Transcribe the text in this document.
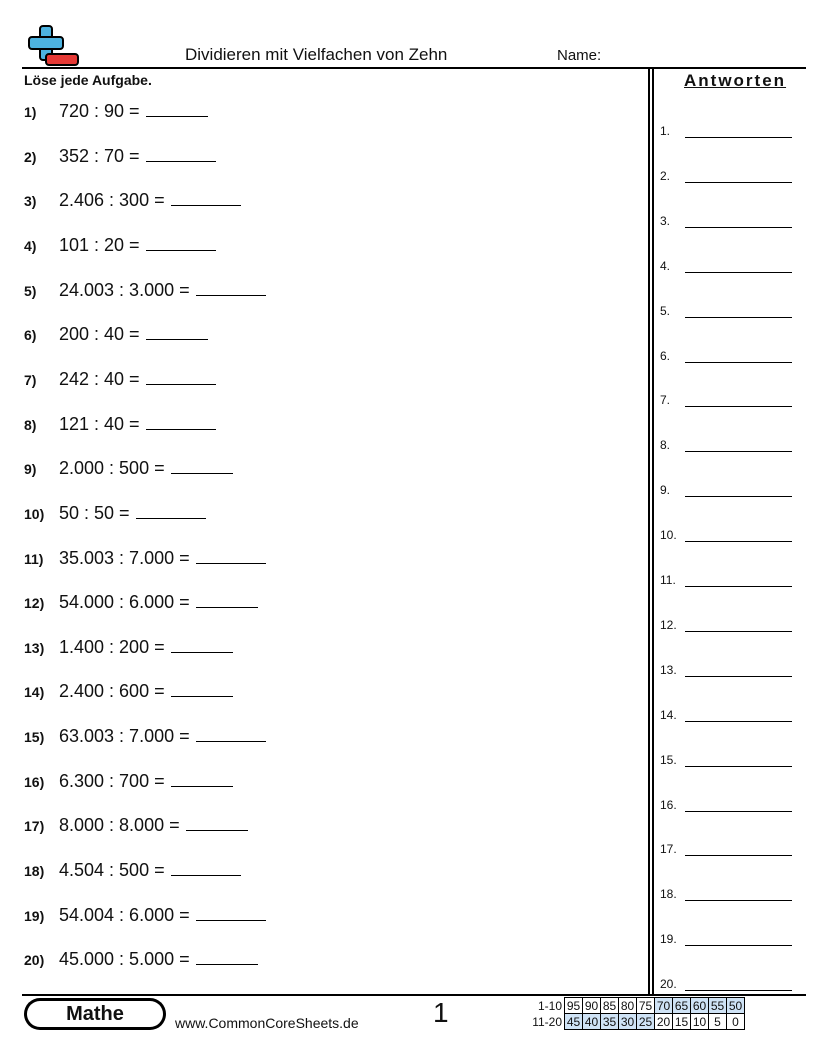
Dividieren mit Vielfachen von Zehn	Name:
Löse jede Aufgabe.	Antworten
1)	720 : 90 =
2)	352 : 70 =
3)	2.406 : 300 =
4)	101 : 20 =
5)	24.003 : 3.000 =
6)	200 : 40 =
7)	242 : 40 =
8)	121 : 40 =
9)	2.000 : 500 =
10) 50 : 50 =
11) 35.003 : 7.000 =
12) 54.000 : 6.000 =
13) 1.400 : 200 =
14) 2.400 : 600 =
15) 63.003 : 7.000 =
16) 6.300 : 700 =
17) 8.000 : 8.000 =
18) 4.504 : 500 =
19) 54.004 : 6.000 =
20) 45.000 : 5.000 =
1.
2.
3.
4.
5.
6.
7.
8.
9.
10.
11.
12.
13.
14.
15.
16.
17.
18.
19.
20.
Mathe	www.CommonCoreSheets.de	1	1-10	95	90	85	80	75	70	65	60	55	50
11-20	45	40	35	30	25	20	15	10	5	0
